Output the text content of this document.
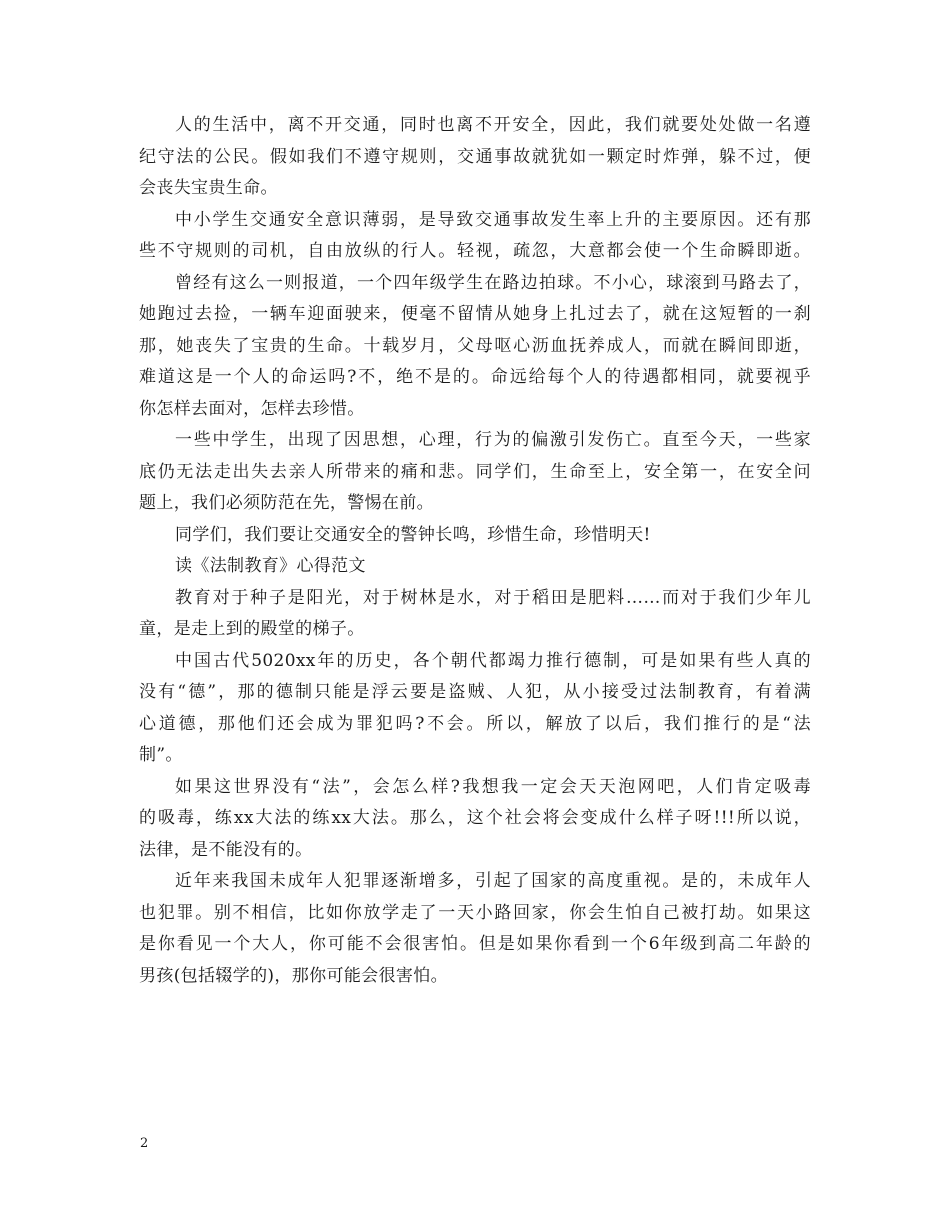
人的生活中，离不开交通，同时也离不开安全，因此，我们就要处处做一名遵
纪守法的公民。假如我们不遵守规则，交通事故就犹如一颗定时炸弹，躲不过，便
会丧失宝贵生命。
中小学生交通安全意识薄弱，是导致交通事故发生率上升的主要原因。还有那
些不守规则的司机，自由放纵的行人。轻视，疏忽，大意都会使一个生命瞬即逝。
曾经有这么一则报道，一个四年级学生在路边拍球。不小心，球滚到马路去了，
她跑过去捡，一辆车迎面驶来，便毫不留情从她身上扎过去了，就在这短暂的一刹
那，她丧失了宝贵的生命。十载岁月，父母呕心沥血抚养成人，而就在瞬间即逝，
难道这是一个人的命运吗?不，绝不是的。命远给每个人的待遇都相同，就要视乎
你怎样去面对，怎样去珍惜。
一些中学生，出现了因思想，心理，行为的偏激引发伤亡。直至今天，一些家
底仍无法走出失去亲人所带来的痛和悲。同学们，生命至上，安全第一，在安全问
题上，我们必须防范在先，警惕在前。
同学们，我们要让交通安全的警钟长鸣，珍惜生命，珍惜明天!
读《法制教育》心得范文
教育对于种子是阳光，对于树林是水，对于稻田是肥料……而对于我们少年儿
童，是走上到的殿堂的梯子。
中国古代5020xx年的历史，各个朝代都竭力推行德制，可是如果有些人真的
没有“德”，那的德制只能是浮云要是盗贼、人犯，从小接受过法制教育，有着满
心道德，那他们还会成为罪犯吗?不会。所以，解放了以后，我们推行的是“法
制”。
如果这世界没有“法”，会怎么样?我想我一定会天天泡网吧，人们肯定吸毒
的吸毒，练xx大法的练xx大法。那么，这个社会将会变成什么样子呀!!!所以说，
法律，是不能没有的。
近年来我国未成年人犯罪逐渐增多，引起了国家的高度重视。是的，未成年人
也犯罪。别不相信，比如你放学走了一天小路回家，你会生怕自己被打劫。如果这
是你看见一个大人，你可能不会很害怕。但是如果你看到一个6年级到高二年龄的
男孩(包括辍学的)，那你可能会很害怕。
2
